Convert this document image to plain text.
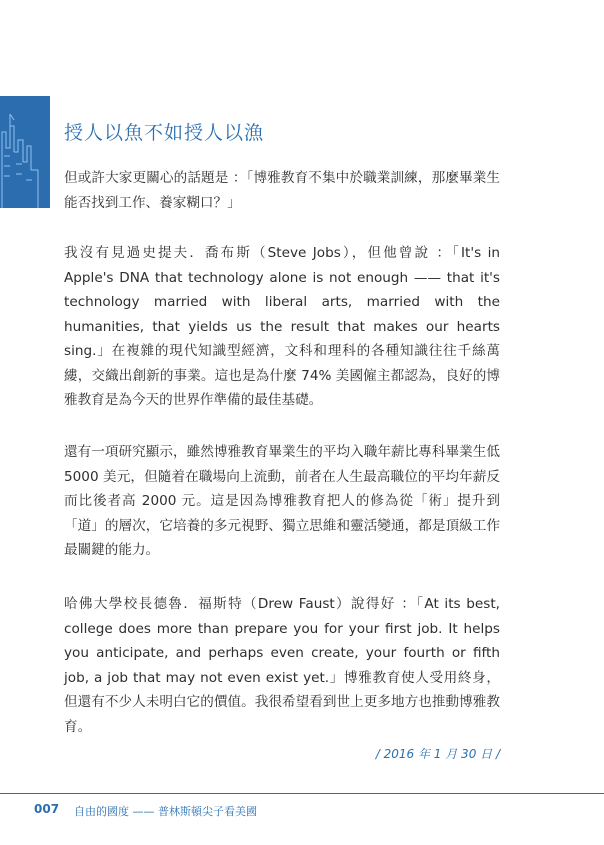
授人以魚不如授人以漁

但或許大家更關心的話題是 ：「博雅教育不集中於職業訓練，那麼畢業生能否找到工作、養家糊口？」

我沒有見過史提夫．喬布斯（Steve Jobs），但他曾說 ：「It's in Apple's DNA that technology alone is not enough —— that it's technology married with liberal arts, married with the humanities, that yields us the result that makes our hearts sing.」在複雜的現代知識型經濟，文科和理科的各種知識往往千絲萬縷，交織出創新的事業。這也是為什麼 74% 美國僱主都認為，良好的博雅教育是為今天的世界作準備的最佳基礎。

還有一項研究顯示，雖然博雅教育畢業生的平均入職年薪比專科畢業生低 5000 美元，但隨着在職場向上流動，前者在人生最高職位的平均年薪反而比後者高 2000 元。這是因為博雅教育把人的修為從「術」提升到「道」的層次，它培養的多元視野、獨立思維和靈活變通，都是頂級工作最關鍵的能力。

哈佛大學校長德魯．福斯特（Drew Faust）說得好 ：「At its best, college does more than prepare you for your first job. It helps you anticipate, and perhaps even create, your fourth or fifth job, a job that may not even exist yet.」博雅教育使人受用終身，但還有不少人未明白它的價值。我很希望看到世上更多地方也推動博雅教育。

/ 2016 年 1 月 30 日 /
007 自由的國度 —— 普林斯頓尖子看美國
